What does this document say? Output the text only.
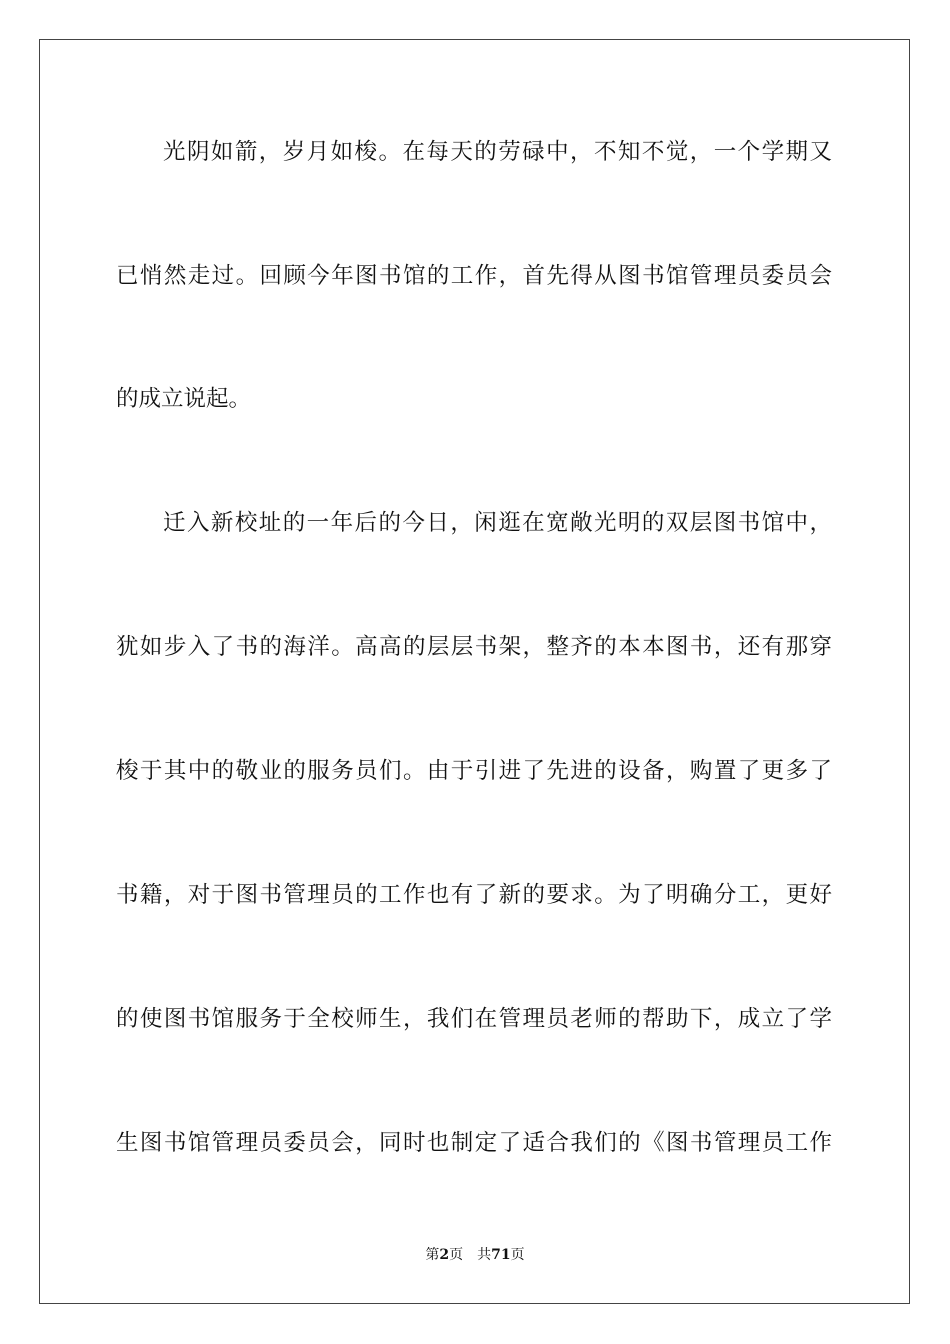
光阴如箭，岁月如梭。在每天的劳碌中，不知不觉，一个学期又
已悄然走过。回顾今年图书馆的工作，首先得从图书馆管理员委员会
的成立说起。
迁入新校址的一年后的今日，闲逛在宽敞光明的双层图书馆中，
犹如步入了书的海洋。高高的层层书架，整齐的本本图书，还有那穿
梭于其中的敬业的服务员们。由于引进了先进的设备，购置了更多了
书籍，对于图书管理员的工作也有了新的要求。为了明确分工，更好
的使图书馆服务于全校师生，我们在管理员老师的帮助下，成立了学
生图书馆管理员委员会，同时也制定了适合我们的《图书管理员工作
第2页 共71页
